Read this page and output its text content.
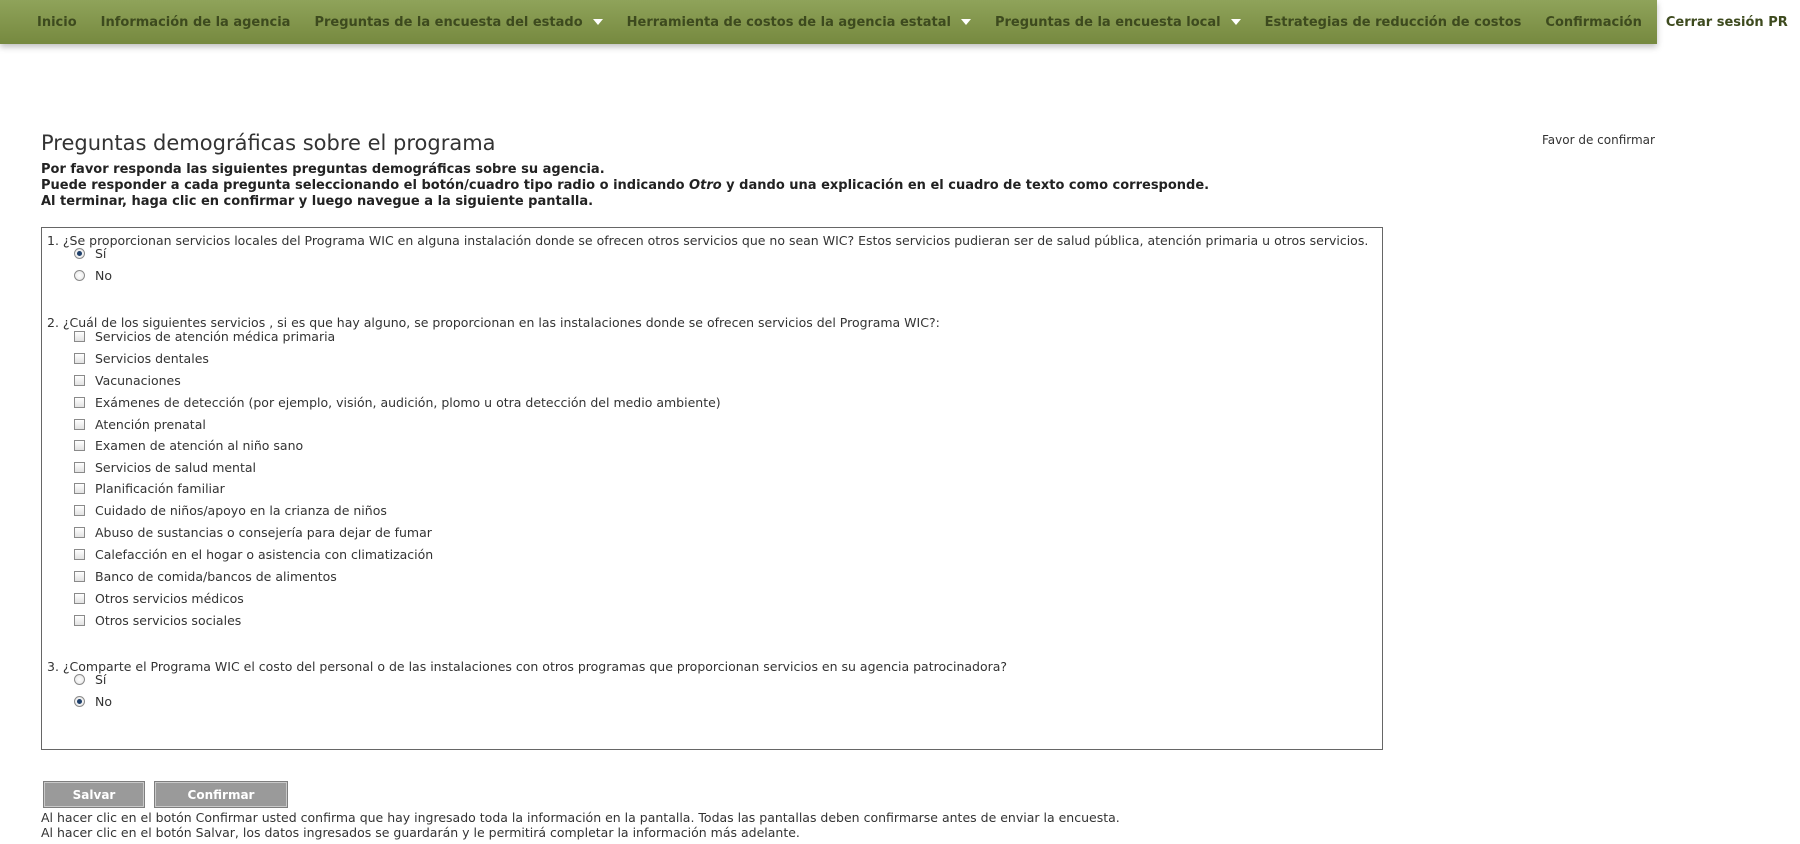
Inicio Información de la agencia Preguntas de la encuesta del estado	Herramienta de costos de la agencia estatal	Preguntas de la encuesta local	Estrategias de reducción de costos Confirmación Cerrar sesión PR
Favor de confirmar
Preguntas demográficas sobre el programa
Por favor responda las siguientes preguntas demográficas sobre su agencia.
Puede responder a cada pregunta seleccionando el botón/cuadro tipo radio o indicando Otro y dando una explicación en el cuadro de texto como corresponde.
Al terminar, haga clic en confirmar y luego navegue a la siguiente pantalla.
1. ¿Se proporcionan servicios locales del Programa WIC en alguna instalación donde se ofrecen otros servicios que no sean WIC? Estos servicios pudieran ser de salud pública, atención primaria u otros servicios.
Sí
No
2. ¿Cuál de los siguientes servicios , si es que hay alguno, se proporcionan en las instalaciones donde se ofrecen servicios del Programa WIC?:
Servicios de atención médica primaria
Servicios dentales
Vacunaciones
Exámenes de detección (por ejemplo, visión, audición, plomo u otra detección del medio ambiente)
Atención prenatal
Examen de atención al niño sano
Servicios de salud mental
Planificación familiar
Cuidado de niños/apoyo en la crianza de niños
Abuso de sustancias o consejería para dejar de fumar
Calefacción en el hogar o asistencia con climatización
Banco de comida/bancos de alimentos
Otros servicios médicos
Otros servicios sociales
3. ¿Comparte el Programa WIC el costo del personal o de las instalaciones con otros programas que proporcionan servicios en su agencia patrocinadora?
Sí
No
Salvar	Confirmar
Al hacer clic en el botón Confirmar usted confirma que hay ingresado toda la información en la pantalla. Todas las pantallas deben confirmarse antes de enviar la encuesta.
Al hacer clic en el botón Salvar, los datos ingresados se guardarán y le permitirá completar la información más adelante.
